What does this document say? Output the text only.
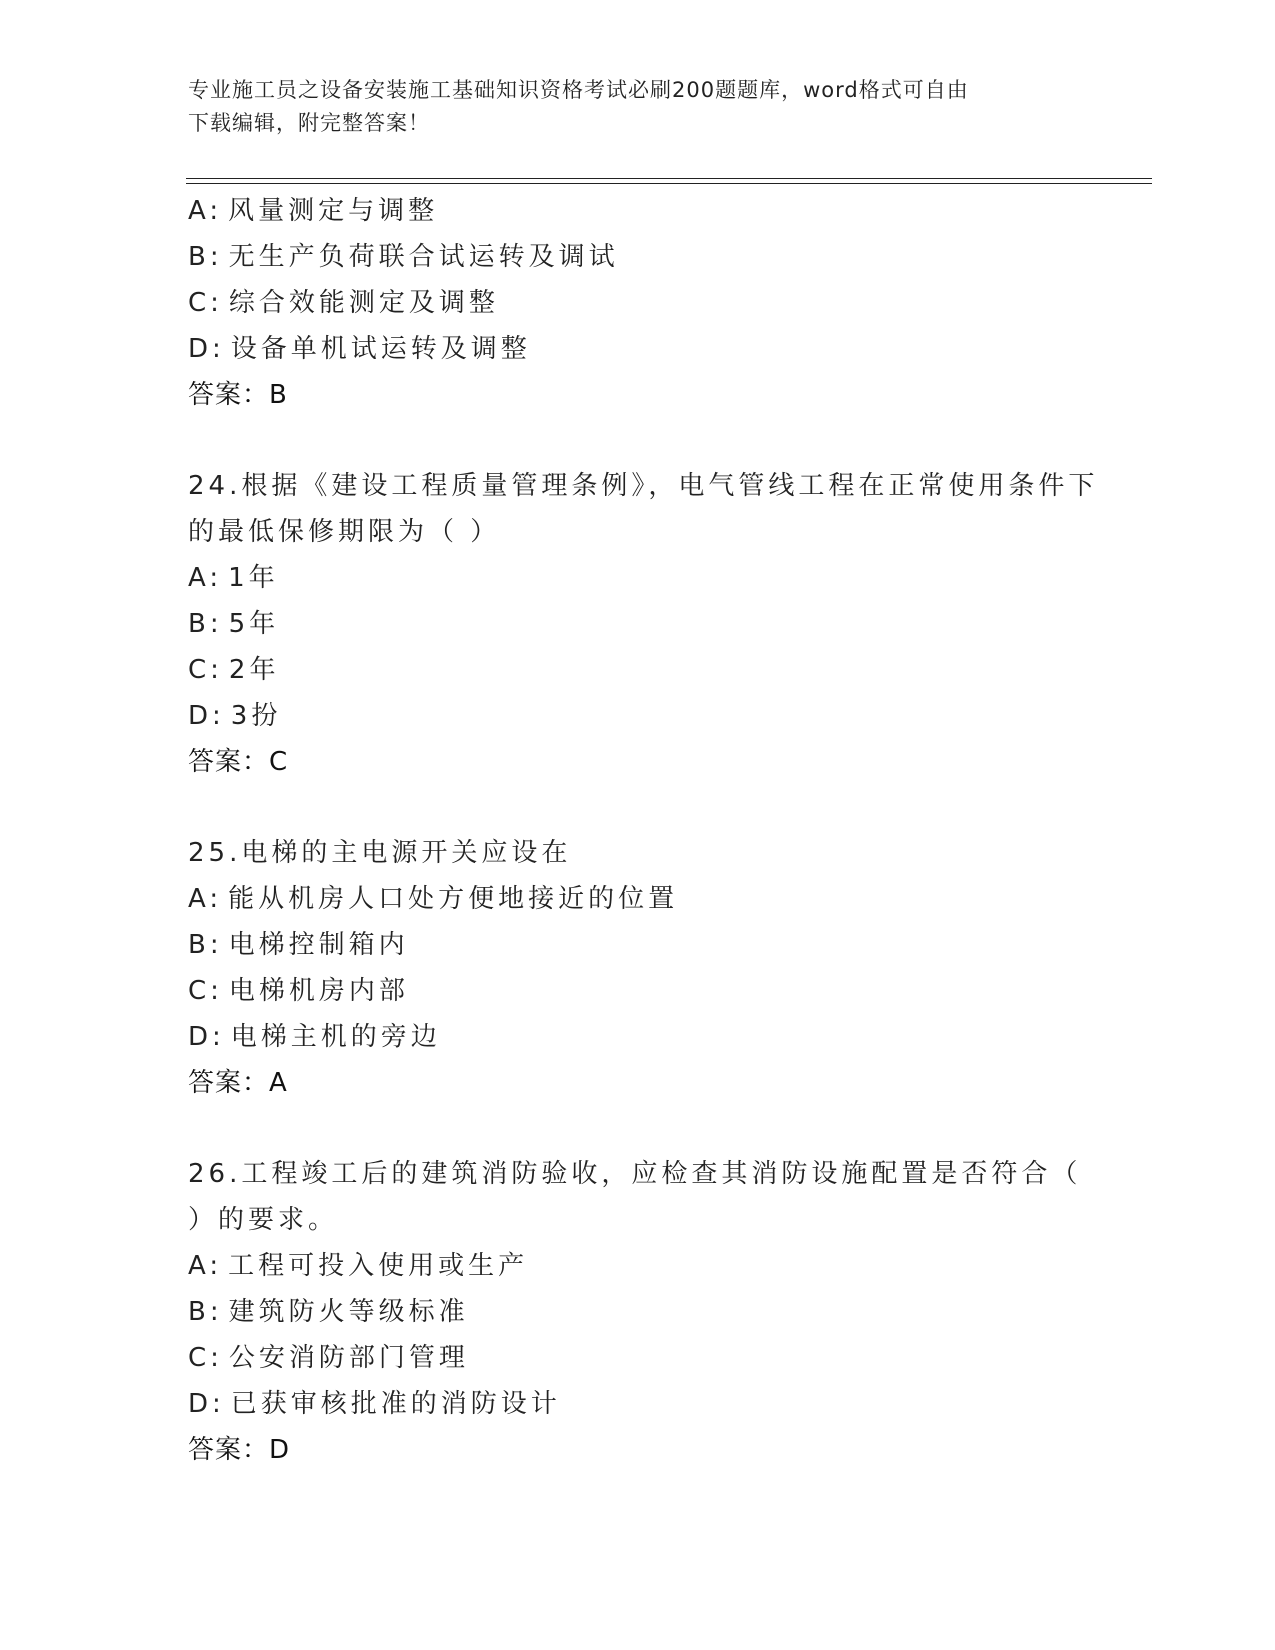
专业施工员之设备安装施工基础知识资格考试必刷200题题库，word格式可自由
下载编辑，附完整答案！
A: 风量测定与调整
B: 无生产负荷联合试运转及调试
C: 综合效能测定及调整
D: 设备单机试运转及调整
答案：B
24.根据《建设工程质量管理条例》，电气管线工程在正常使用条件下
的最低保修期限为（ ）
A: 1年
B: 5年
C: 2年
D: 3扮
答案：C
25.电梯的主电源开关应设在
A: 能从机房人口处方便地接近的位置
B: 电梯控制箱内
C: 电梯机房内部
D: 电梯主机的旁边
答案：A
26.工程竣工后的建筑消防验收，应检查其消防设施配置是否符合（
）的要求。
A: 工程可投入使用或生产
B: 建筑防火等级标准
C: 公安消防部门管理
D: 已获审核批准的消防设计
答案：D
